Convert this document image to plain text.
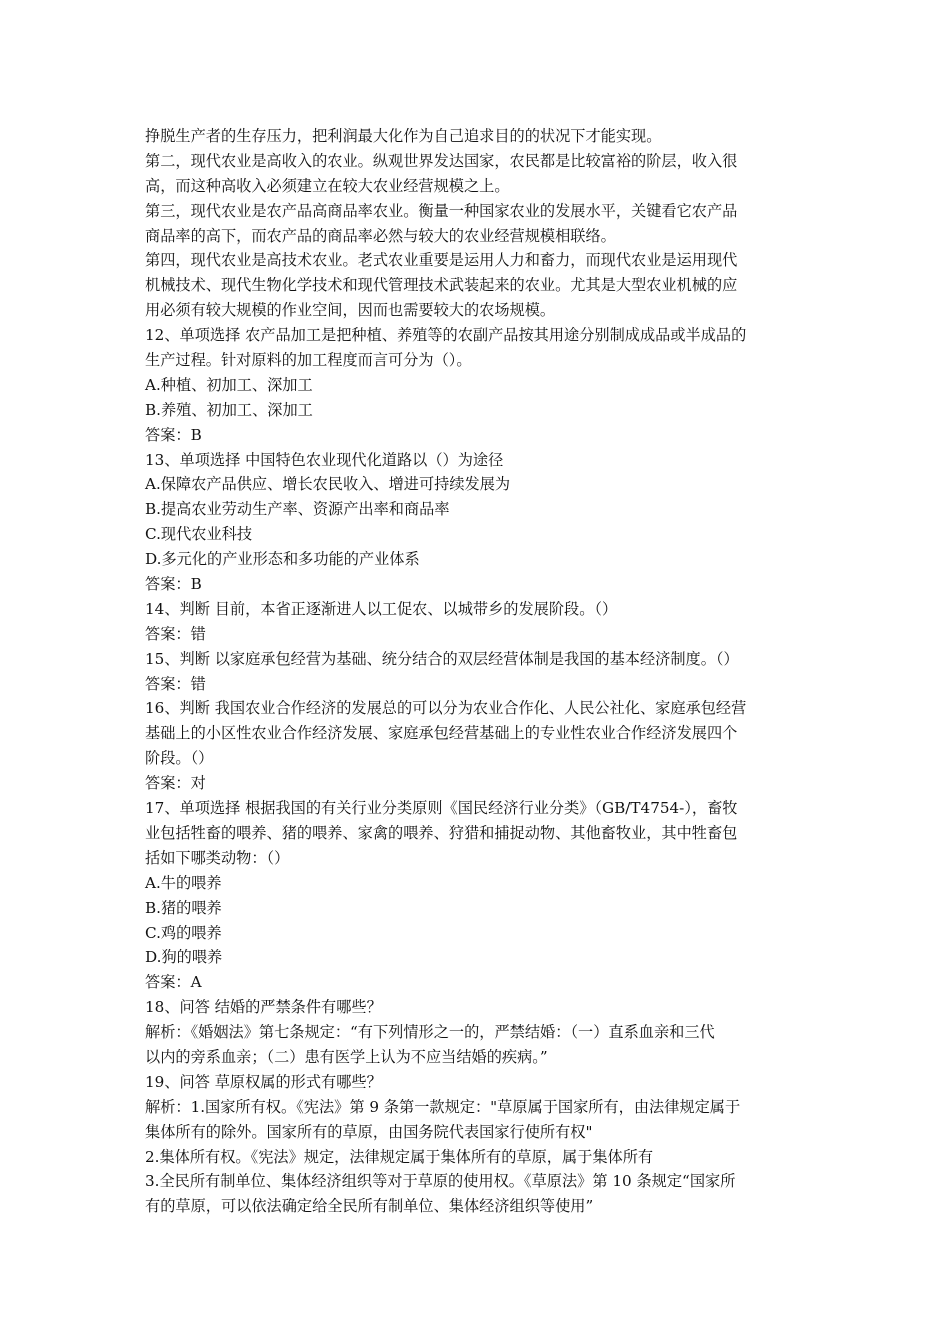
挣脱生产者的生存压力，把利润最大化作为自己追求目的的状况下才能实现。
第二，现代农业是高收入的农业。纵观世界发达国家，农民都是比较富裕的阶层，收入很
高，而这种高收入必须建立在较大农业经营规模之上。
第三，现代农业是农产品高商品率农业。衡量一种国家农业的发展水平，关键看它农产品
商品率的高下，而农产品的商品率必然与较大的农业经营规模相联络。
第四，现代农业是高技术农业。老式农业重要是运用人力和畜力，而现代农业是运用现代
机械技术、现代生物化学技术和现代管理技术武装起来的农业。尤其是大型农业机械的应
用必须有较大规模的作业空间，因而也需要较大的农场规模。
12、单项选择 农产品加工是把种植、养殖等的农副产品按其用途分别制成成品或半成品的
生产过程。针对原料的加工程度而言可分为（）。
A.种植、初加工、深加工
B.养殖、初加工、深加工
答案：B
13、单项选择 中国特色农业现代化道路以（）为途径
A.保障农产品供应、增长农民收入、增进可持续发展为
B.提高农业劳动生产率、资源产出率和商品率
C.现代农业科技
D.多元化的产业形态和多功能的产业体系
答案：B
14、判断 目前，本省正逐渐进人以工促农、以城带乡的发展阶段。（）
答案：错
15、判断 以家庭承包经营为基础、统分结合的双层经营体制是我国的基本经济制度。（）
答案：错
16、判断 我国农业合作经济的发展总的可以分为农业合作化、人民公社化、家庭承包经营
基础上的小区性农业合作经济发展、家庭承包经营基础上的专业性农业合作经济发展四个
阶段。（）
答案：对
17、单项选择 根据我国的有关行业分类原则《国民经济行业分类》（GB/T4754-），畜牧
业包括牲畜的喂养、猪的喂养、家禽的喂养、狩猎和捕捉动物、其他畜牧业，其中牲畜包
括如下哪类动物：（）
A.牛的喂养
B.猪的喂养
C.鸡的喂养
D.狗的喂养
答案：A
18、问答 结婚的严禁条件有哪些？
解析：《婚姻法》第七条规定：“有下列情形之一的，严禁结婚：（一）直系血亲和三代
以内的旁系血亲；（二）患有医学上认为不应当结婚的疾病。”
19、问答 草原权属的形式有哪些？
解析：1.国家所有权。《宪法》第 9 条第一款规定："草原属于国家所有，由法律规定属于
集体所有的除外。国家所有的草原，由国务院代表国家行使所有权"
2.集体所有权。《宪法》规定，法律规定属于集体所有的草原，属于集体所有
3.全民所有制单位、集体经济组织等对于草原的使用权。《草原法》第 10 条规定“国家所
有的草原，可以依法确定给全民所有制单位、集体经济组织等使用”
